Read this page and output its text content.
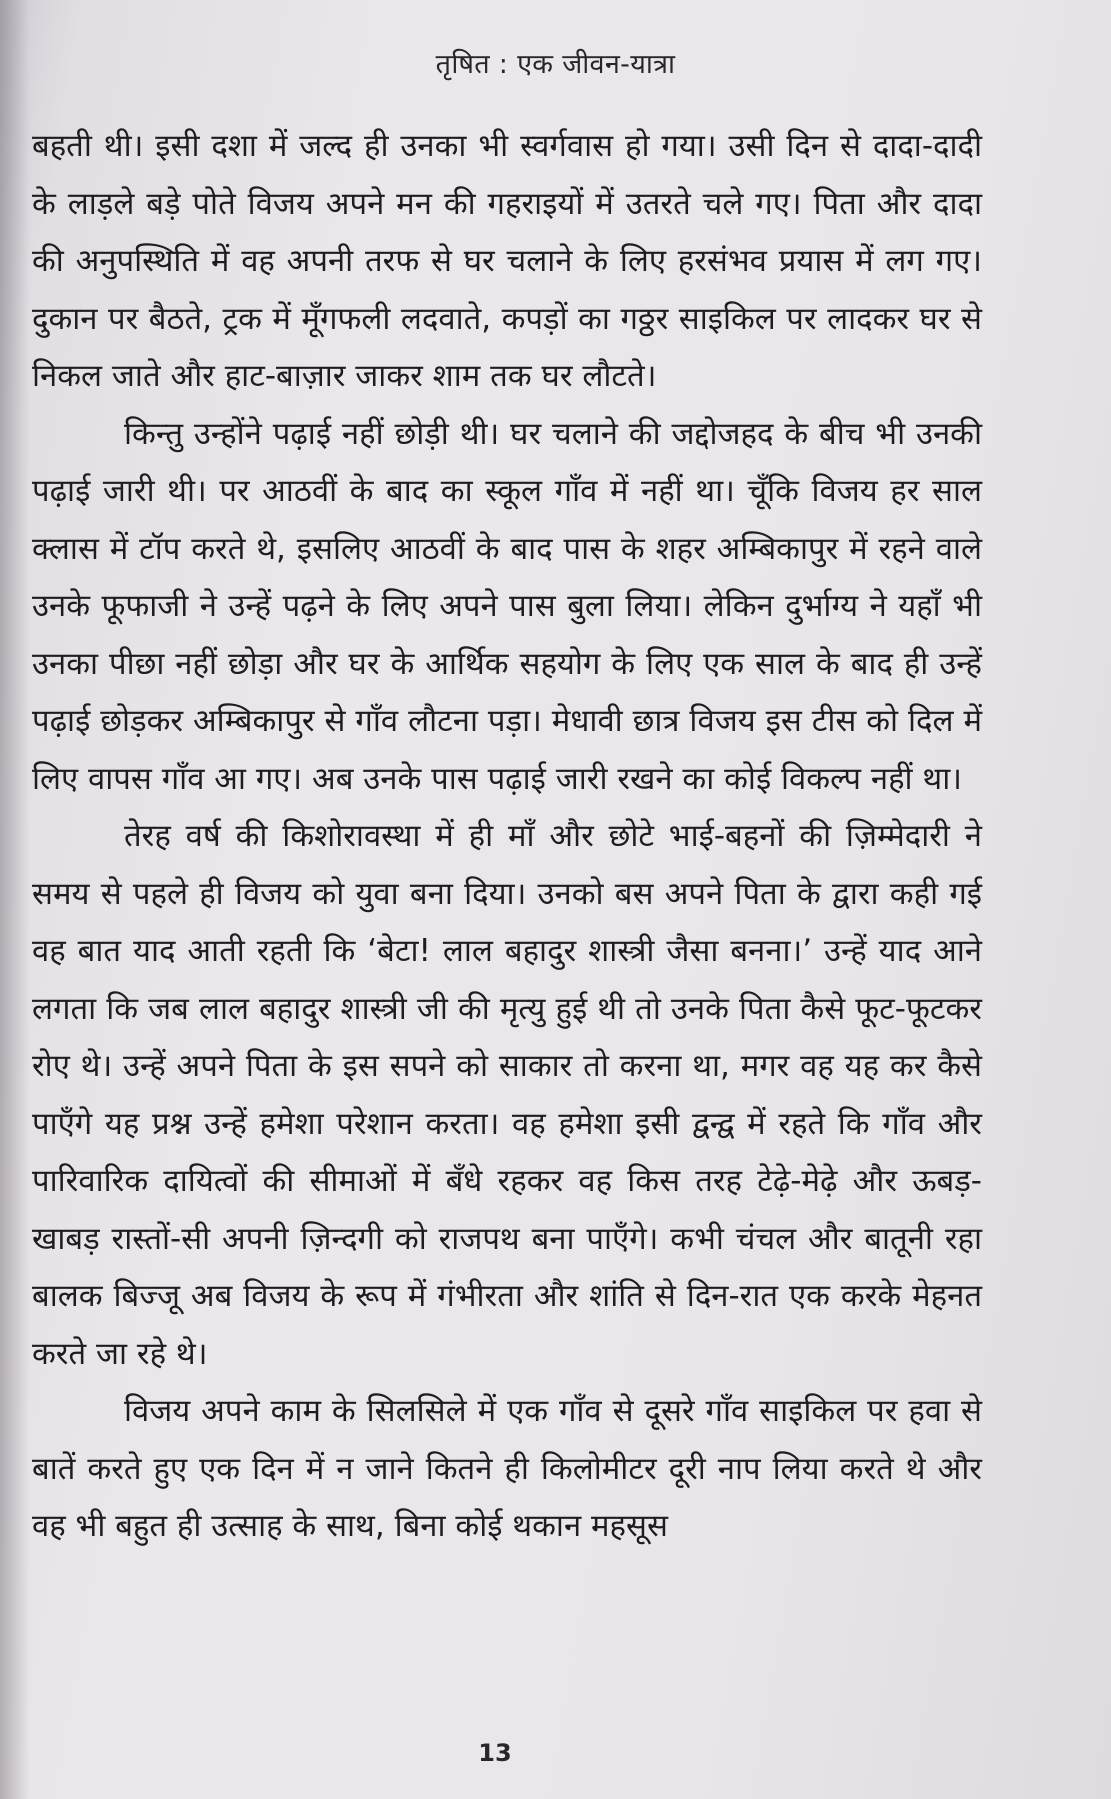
तृषित : एक जीवन-यात्रा

बहती थी। इसी दशा में जल्द ही उनका भी स्वर्गवास हो गया। उसी दिन से दादा-दादी के लाड़ले बड़े पोते विजय अपने मन की गहराइयों में उतरते चले गए। पिता और दादा की अनुपस्थिति में वह अपनी तरफ से घर चलाने के लिए हरसंभव प्रयास में लग गए। दुकान पर बैठते, ट्रक में मूँगफली लदवाते, कपड़ों का गठ्ठर साइकिल पर लादकर घर से निकल जाते और हाट-बाज़ार जाकर शाम तक घर लौटते।

किन्तु उन्होंने पढ़ाई नहीं छोड़ी थी। घर चलाने की जद्दोजहद के बीच भी उनकी पढ़ाई जारी थी। पर आठवीं के बाद का स्कूल गाँव में नहीं था। चूँकि विजय हर साल क्लास में टॉप करते थे, इसलिए आठवीं के बाद पास के शहर अम्बिकापुर में रहने वाले उनके फूफाजी ने उन्हें पढ़ने के लिए अपने पास बुला लिया। लेकिन दुर्भाग्य ने यहाँ भी उनका पीछा नहीं छोड़ा और घर के आर्थिक सहयोग के लिए एक साल के बाद ही उन्हें पढ़ाई छोड़कर अम्बिकापुर से गाँव लौटना पड़ा। मेधावी छात्र विजय इस टीस को दिल में लिए वापस गाँव आ गए। अब उनके पास पढ़ाई जारी रखने का कोई विकल्प नहीं था।

तेरह वर्ष की किशोरावस्था में ही माँ और छोटे भाई-बहनों की ज़िम्मेदारी ने समय से पहले ही विजय को युवा बना दिया। उनको बस अपने पिता के द्वारा कही गई वह बात याद आती रहती कि ‘बेटा! लाल बहादुर शास्त्री जैसा बनना।’ उन्हें याद आने लगता कि जब लाल बहादुर शास्त्री जी की मृत्यु हुई थी तो उनके पिता कैसे फूट-फूटकर रोए थे। उन्हें अपने पिता के इस सपने को साकार तो करना था, मगर वह यह कर कैसे पाएँगे यह प्रश्न उन्हें हमेशा परेशान करता। वह हमेशा इसी द्वन्द्व में रहते कि गाँव और पारिवारिक दायित्वों की सीमाओं में बँधे रहकर वह किस तरह टेढ़े-मेढ़े और ऊबड़-खाबड़ रास्तों-सी अपनी ज़िन्दगी को राजपथ बना पाएँगे। कभी चंचल और बातूनी रहा बालक बिज्जू अब विजय के रूप में गंभीरता और शांति से दिन-रात एक करके मेहनत करते जा रहे थे।

विजय अपने काम के सिलसिले में एक गाँव से दूसरे गाँव साइकिल पर हवा से बातें करते हुए एक दिन में न जाने कितने ही किलोमीटर दूरी नाप लिया करते थे और वह भी बहुत ही उत्साह के साथ, बिना कोई थकान महसूस

13
